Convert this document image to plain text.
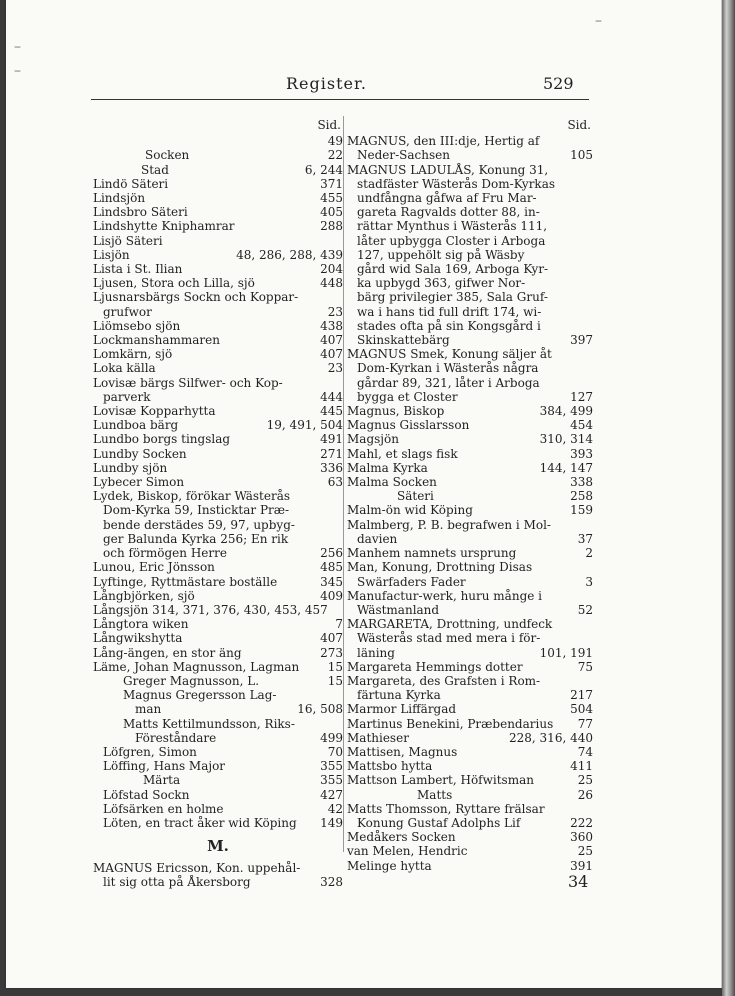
–
–
–
Register.	529
Sid.
49
Socken	22
Stad	6, 244
Lindö Säteri	371
Lindsjön	455
Lindsbro Säteri	405
Lindshytte Kniphamrar	288
Lisjö Säteri
Lisjön	48, 286, 288, 439
Lista i St. Ilian	204
Ljusen, Stora och Lilla, sjö	448
Ljusnarsbärgs Sockn och Koppar-
grufwor	23
Liömsebo sjön	438
Lockmanshammaren	407
Lomkärn, sjö	407
Loka källa	23
Lovisæ bärgs Silfwer- och Kop-
parverk	444
Lovisæ Kopparhytta	445
Lundboa bärg	19, 491, 504
Lundbo borgs tingslag	491
Lundby Socken	271
Lundby sjön	336
Lybecer Simon	63
Lydek, Biskop, förökar Wästerås
Dom-Kyrka 59, Insticktar Præ-
bende derstädes 59, 97, upbyg-
ger Balunda Kyrka 256; En rik
och förmögen Herre	256
Lunou, Eric Jönsson	485
Lyftinge, Ryttmästare boställe	345
Långbjörken, sjö	409
Långsjön 314, 371, 376, 430, 453, 457
Långtora wiken	7
Långwikshytta	407
Lång-ängen, en stor äng	273
Läme, Johan Magnusson, Lagman	15
Greger Magnusson, L.	15
Magnus Gregersson Lag-
man	16, 508
Matts Kettilmundsson, Riks-
Föreståndare	499
Löfgren, Simon	70
Löffing, Hans Major	355
Märta	355
Löfstad Sockn	427
Löfsärken en holme	42
Löten, en tract åker wid Köping	149
M.
MAGNUS Ericsson, Kon. uppehål-
lit sig otta på Åkersborg	328
Sid.
MAGNUS, den III:dje, Hertig af
Neder-Sachsen	105
MAGNUS LADULÅS, Konung 31,
stadfäster Wästerås Dom-Kyrkas
undfångna gåfwa af Fru Mar-
gareta Ragvalds dotter 88, in-
rättar Mynthus i Wästerås 111,
låter upbygga Closter i Arboga
127, uppehölt sig på Wäsby
gård wid Sala 169, Arboga Kyr-
ka upbygd 363, gifwer Nor-
bärg privilegier 385, Sala Gruf-
wa i hans tid full drift 174, wi-
stades ofta på sin Kongsgård i
Skinskattebärg	397
MAGNUS Smek, Konung säljer åt
Dom-Kyrkan i Wästerås några
gårdar 89, 321, låter i Arboga
bygga et Closter	127
Magnus, Biskop	384, 499
Magnus Gisslarsson	454
Magsjön	310, 314
Mahl, et slags fisk	393
Malma Kyrka	144, 147
Malma Socken	338
Säteri	258
Malm-ön wid Köping	159
Malmberg, P. B. begrafwen i Mol-
davien	37
Manhem namnets ursprung	2
Man, Konung, Drottning Disas
Swärfaders Fader	3
Manufactur-werk, huru månge i
Wästmanland	52
MARGARETA, Drottning, undfeck
Wästerås stad med mera i för-
läning	101, 191
Margareta Hemmings dotter	75
Margareta, des Grafsten i Rom-
färtuna Kyrka	217
Marmor Liffärgad	504
Martinus Benekini, Præbendarius	77
Mathieser	228, 316, 440
Mattisen, Magnus	74
Mattsbo hytta	411
Mattson Lambert, Höfwitsman	25
Matts	26
Matts Thomsson, Ryttare frälsar
Konung Gustaf Adolphs Lif	222
Medåkers Socken	360
van Melen, Hendric	25
Melinge hytta	391
34
